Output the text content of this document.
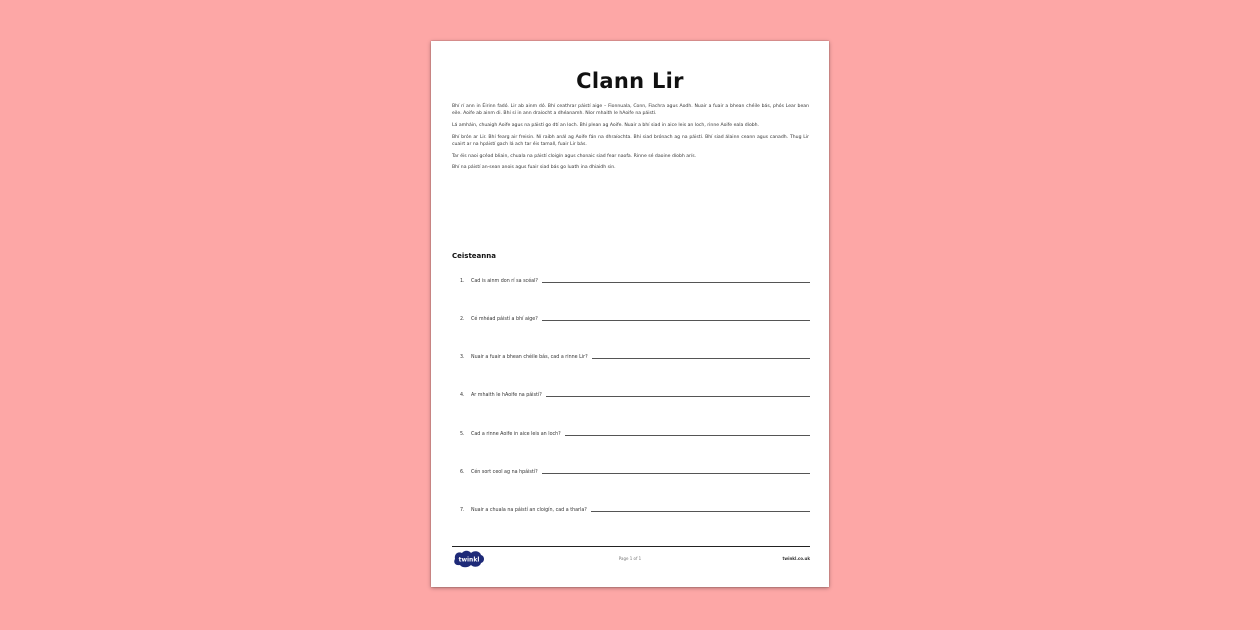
Clann Lir

Bhí rí ann in Éirinn fadó. Lir ab ainm dó. Bhí ceathrar páistí aige – Fionnuala, Conn, Fiachra agus Aodh. Nuair a fuair a bhean chéile bás, phós Lear bean eile. Aoife ab ainm di. Bhí sí in ann draíocht a dhéanamh. Níor mhaith le hAoife na páistí.

Lá amháin, chuaigh Aoife agus na páistí go dtí an loch. Bhí plean ag Aoife. Nuair a bhí siad in aice leis an loch, rinne Aoife eala díobh.

Bhí brón ar Lir. Bhí fearg air freisin. Ní raibh anál ag Aoife fán na dhraíochta. Bhí siad brónach ag na páistí. Bhí siad álainn ceann agus canadh. Thug Lir cuairt ar na hpáistí gach lá ach tar éis tamall, fuair Lir bás.

Tar éis naoi gcéad bliain, chuala na páistí cloigín agus chonaic siad fear naofa. Rinne sé daoine díobh arís.

Bhí na páistí an-sean anois agus fuair siad bás go luath ina dhiaidh sin.

Ceisteanna
1.	Cad is ainm don rí sa scéal?
2.	Cé mhéad páistí a bhí aige?
3.	Nuair a fuair a bhean chéile bás, cad a rinne Lir?
4.	Ar mhaith le hAoife na páistí?
5.	Cad a rinne Aoife in aice leis an loch?
6.	Cén sort ceol ag na hpáistí?
7.	Nuair a chuala na páistí an cloigín, cad a tharla?
twinkl	Page 1 of 1	twinkl.co.uk
